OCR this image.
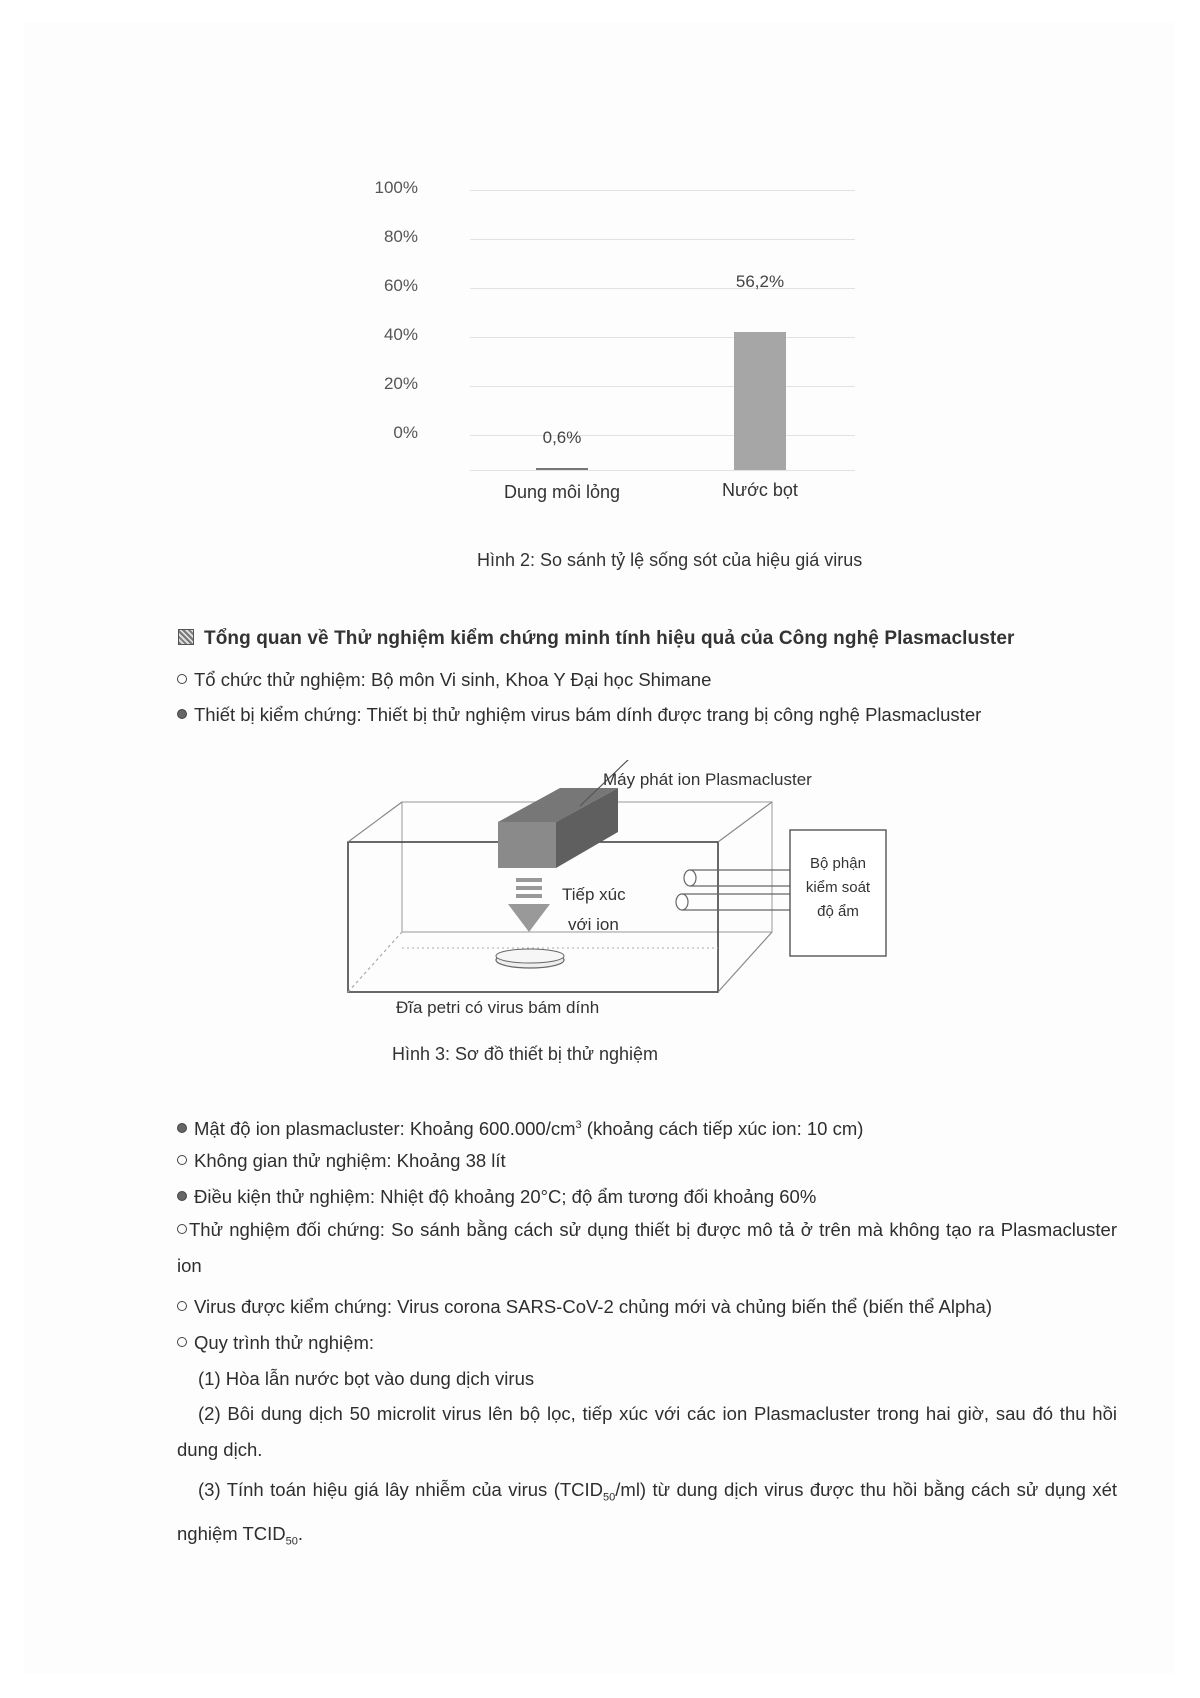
100%
80%
60%
40%
20%
0%	0,6%
56,2%
Dung môi lỏng	Nước bọt
Hình 2: So sánh tỷ lệ sống sót của hiệu giá virus
Tổng quan về Thử nghiệm kiểm chứng minh tính hiệu quả của Công nghệ Plasmacluster
Tổ chức thử nghiệm: Bộ môn Vi sinh, Khoa Y Đại học Shimane
Thiết bị kiểm chứng: Thiết bị thử nghiệm virus bám dính được trang bị công nghệ Plasmacluster
Máy phát ion Plasmacluster
Tiếp xúc
với ion
Bộ phận
kiểm soát
độ ẩm
Đĩa petri có virus bám dính
Hình 3: Sơ đồ thiết bị thử nghiệm
Mật độ ion plasmacluster: Khoảng $600.000/cm^3$ (khoảng cách tiếp xúc ion: 10 cm)
Không gian thử nghiệm: Khoảng 38 lít
Điều kiện thử nghiệm: Nhiệt độ khoảng 20°C; độ ẩm tương đối khoảng 60%
Thử nghiệm đối chứng: So sánh bằng cách sử dụng thiết bị được mô tả ở trên mà không tạo ra Plasmacluster ion
Virus được kiểm chứng: Virus corona SARS-CoV-2 chủng mới và chủng biến thể (biến thể Alpha)
Quy trình thử nghiệm:
(1) Hòa lẫn nước bọt vào dung dịch virus
(2) Bôi dung dịch 50 microlit virus lên bộ lọc, tiếp xúc với các ion Plasmacluster trong hai giờ, sau đó thu hồi dung dịch.
(3) Tính toán hiệu giá lây nhiễm của virus $(TCID_{50}/ml)$ từ dung dịch virus được thu hồi bằng cách sử dụng xét nghiệm $TCID_{50}$.
